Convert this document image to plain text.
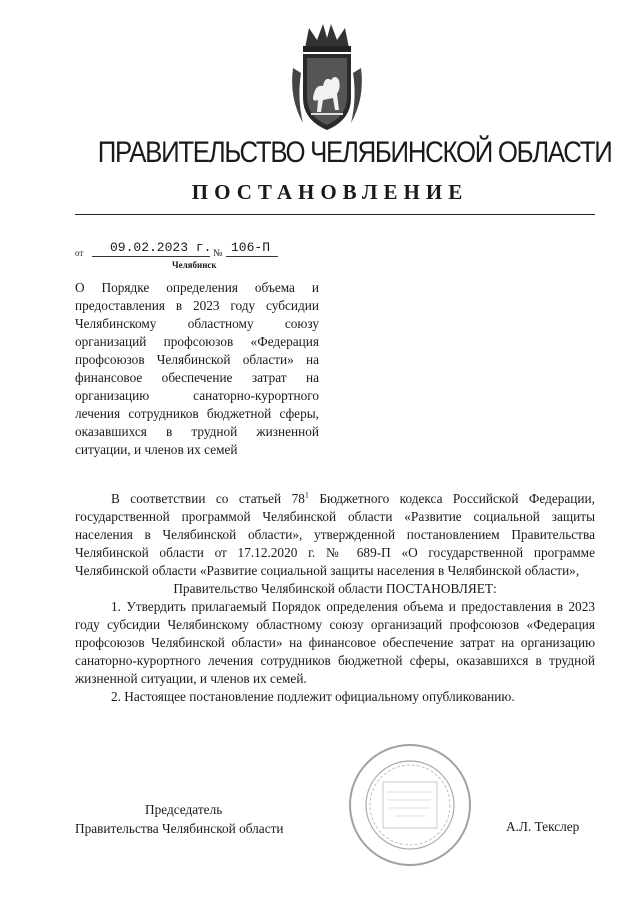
ПРАВИТЕЛЬСТВО ЧЕЛЯБИНСКОЙ ОБЛАСТИ
ПОСТАНОВЛЕНИЕ
от 09.02.2023 г. № 106-П
Челябинск
О Порядке определения объема и предоставления в 2023 году субсидии Челябинскому областному союзу организаций профсоюзов «Федерация профсоюзов Челябинской области» на финансовое обеспечение затрат на организацию санаторно-курортного лечения сотрудников бюджетной сферы, оказавшихся в трудной жизненной ситуации, и членов их семей

В соответствии со статьей $78^1$ Бюджетного кодекса Российской Федерации, государственной программой Челябинской области «Развитие социальной защиты населения в Челябинской области», утвержденной постановлением Правительства Челябинской области от 17.12.2020 г. № 689-П «О государственной программе Челябинской области «Развитие социальной защиты населения в Челябинской области»,

Правительство Челябинской области ПОСТАНОВЛЯЕТ:

1. Утвердить прилагаемый Порядок определения объема и предоставления в 2023 году субсидии Челябинскому областному союзу организаций профсоюзов «Федерация профсоюзов Челябинской области» на финансовое обеспечение затрат на организацию санаторно-курортного лечения сотрудников бюджетной сферы, оказавшихся в трудной жизненной ситуации, и членов их семей.

2. Настоящее постановление подлежит официальному опубликованию.

Председатель
Правительства Челябинской области	А.Л. Текслер
